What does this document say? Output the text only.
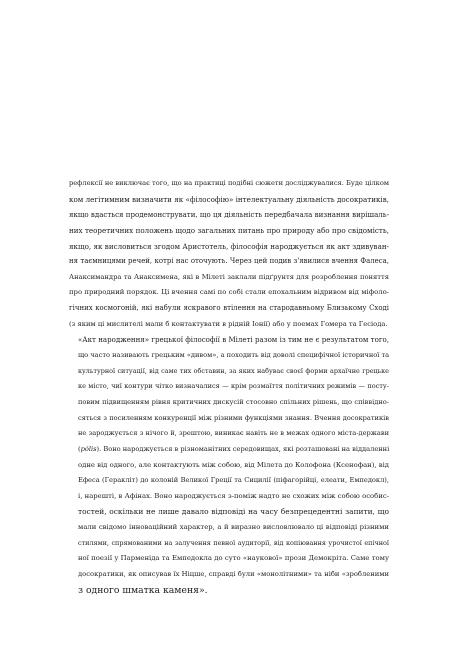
рефлексії не виключає того, що на практиці подібні сюжети досліджувалися. Буде цілком
ком легітимним визначити як «філософію» інтелектуальну діяльність досократиків,
якщо вдасться продемонструвати, що ця діяльність передбачала визнання вирішаль-
них теоретичних положень щодо загальних питань про природу або про свідомість,
якщо, як висловиться згодом Аристотель, філософія народжується як акт здивуван-
ня таємницями речей, котрі нас оточують. Через цей подив з'явилися вчення Фалеса,
Анаксимандра та Анаксимена, які в Мілеті заклали підґрунтя для розроблення поняття
про природний порядок. Ці вчення самі по собі стали епохальним відривом від міфоло-
гічних космогоній, які набули яскравого втілення на стародавньому Близькому Сході
(з яким ці мислителі мали б контактувати в рідній Іонії) або у поемах Гомера та Гесіода.

«Акт народження» грецької філософії в Мілеті разом із тим не є результатом того,
що часто називають грецьким «дивом», а походить від доволі специфічної історичної та
культурної ситуації, від саме тих обставин, за яких набуває своєї форми архаїчне грецьке
ке місто, чиї контури чітко визначалися — крім розмаїття політичних режимів — посту-
повим підвищенням рівня критичних дискусій стосовно спільних рішень, що співвідно-
сяться з посиленням конкуренції між різними функціями знання. Вчення досократиків
не зароджується з нічого й, зрештою, виникає навіть не в межах одного міста-держави
(pólis). Воно народжується в різноманітних середовищах, які розташовані на віддаленні
одне від одного, але контактують між собою, від Мілета до Колофона (Ксенофан), від
Ефеса (Геракліт) до колоній Великої Греції та Сицилії (піфагорійці, елеати, Емпедокл),
і, нарешті, в Афінах. Воно народжується з-поміж надто не схожих між собою особис-
тостей, оскільки не лише давало відповіді на часу безпрецедентні запити, що
мали свідомо інноваційний характер, а й виразно висловлювало ці відповіді різними
стилями, спрямованими на залучення певної аудиторії, від копіювання урочистої епічної
ної поезії у Парменіда та Емпедокла до суто «наукової» прози Демокріта. Саме тому
досократики, як описував їх Ніцше, справді були «монолітними» та ніби «зробленими
з одного шматка каменя».
